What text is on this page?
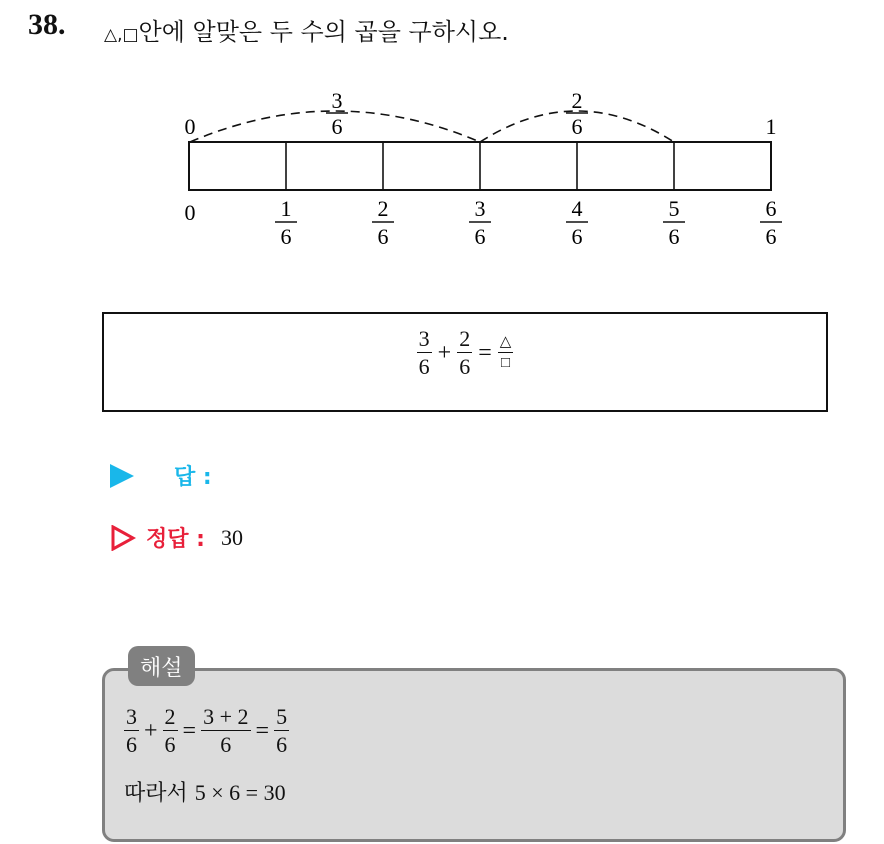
38. △,□안에 알맞은 두 수의 곱을 구하시오.
3
6
2
6
0	1
0	1
6
2
6
3
6
4
6
5
6
6
6
$\frac{3}{6} + \frac{2}{6} = \frac{\triangle}{□}$
답 :
정답 : 30
해설
$\frac{3}{6} + \frac{2}{6} = \frac{3 + 2}{6} = \frac{5}{6}$
따라서 5 × 6 = 30
